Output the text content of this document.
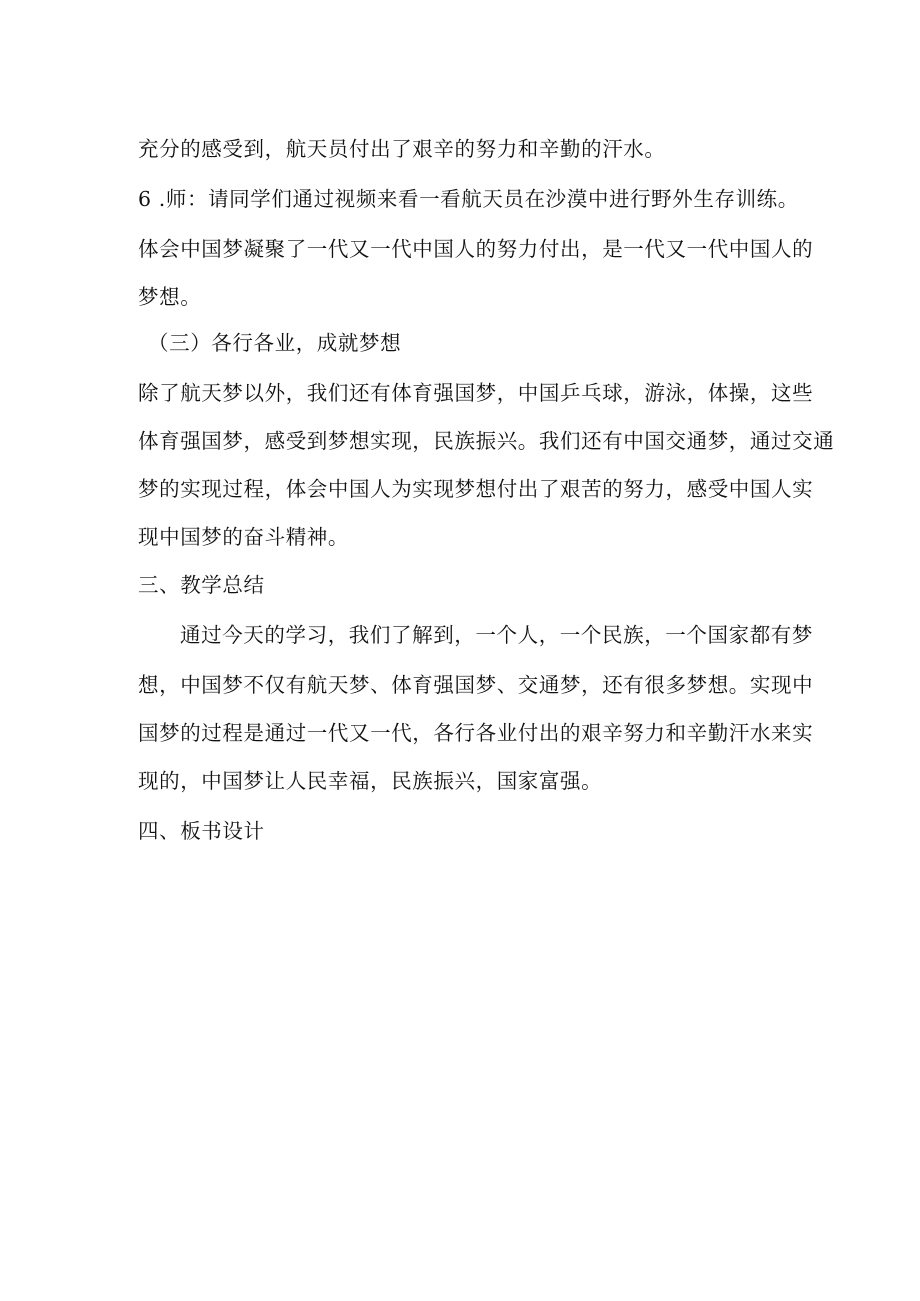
充分的感受到，航天员付出了艰辛的努力和辛勤的汗水。
6 .师：请同学们通过视频来看一看航天员在沙漠中进行野外生存训练。
体会中国梦凝聚了一代又一代中国人的努力付出，是一代又一代中国人的
梦想。
（三）各行各业，成就梦想
除了航天梦以外，我们还有体育强国梦，中国乒乓球，游泳，体操，这些
体育强国梦，感受到梦想实现，民族振兴。我们还有中国交通梦，通过交通
梦的实现过程，体会中国人为实现梦想付出了艰苦的努力，感受中国人实
现中国梦的奋斗精神。
三、教学总结
通过今天的学习，我们了解到，一个人，一个民族，一个国家都有梦
想，中国梦不仅有航天梦、体育强国梦、交通梦，还有很多梦想。实现中
国梦的过程是通过一代又一代，各行各业付出的艰辛努力和辛勤汗水来实
现的，中国梦让人民幸福，民族振兴，国家富强。
四、板书设计
